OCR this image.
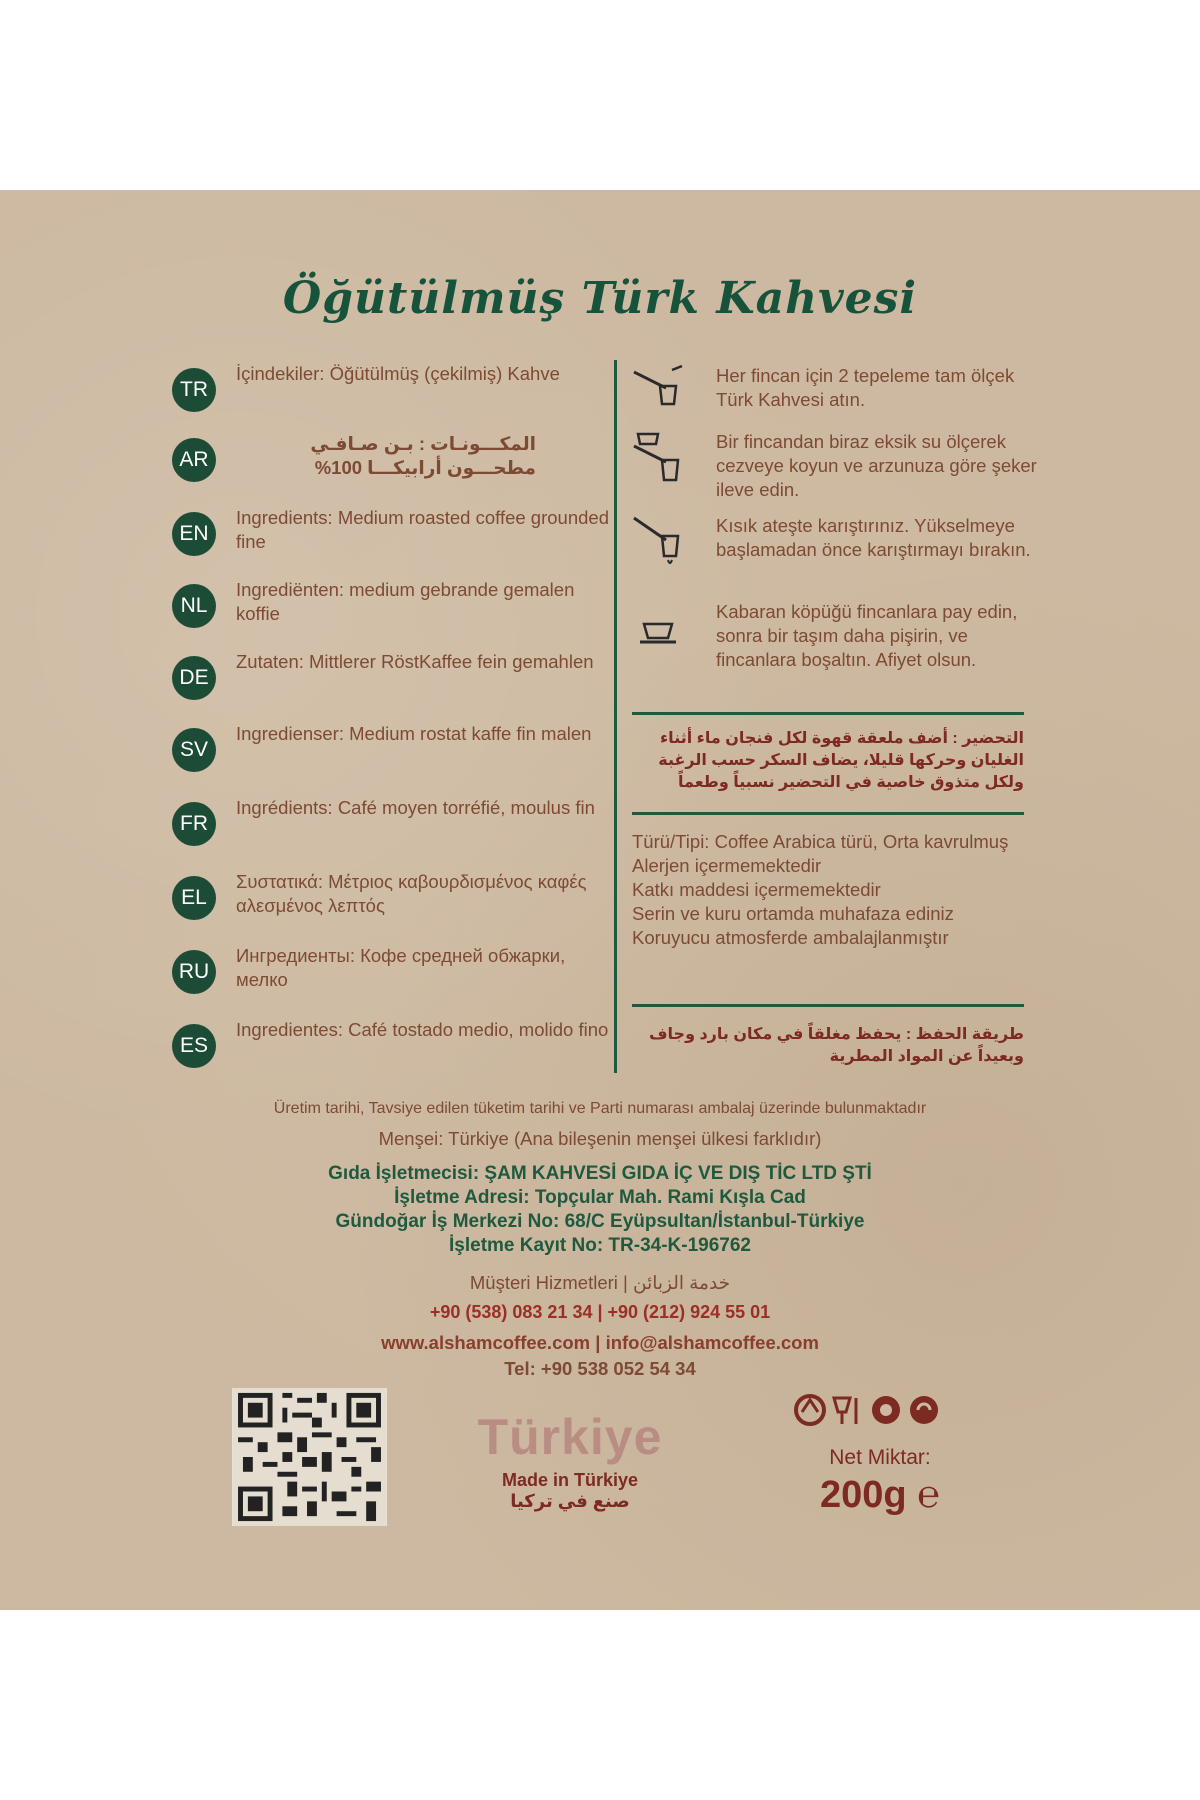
Öğütülmüş Türk Kahvesi
TR
İçindekiler: Öğütülmüş (çekilmiş) Kahve
AR
المكـــونـات : بـن صـافـي مطحـــون أرابيكـــا 100%
EN
Ingredients: Medium roasted coffee grounded fine
NL
Ingrediënten: medium gebrande gemalen koffie
DE
Zutaten: Mittlerer RöstKaffee fein gemahlen
SV
Ingredienser: Medium rostat kaffe fin malen
FR
Ingrédients: Café moyen torréfié, moulus fin
EL
Συστατικά: Μέτριος καβουρδισμένος καφές αλεσμένος λεπτός
RU
Ингредиенты: Кофе средней обжарки, мелко
ES
Ingredientes: Café tostado medio, molido fino
Her fincan için 2 tepeleme tam ölçek Türk Kahvesi atın.
Bir fincandan biraz eksik su ölçerek cezveye koyun ve arzunuza göre şeker ileve edin.
Kısık ateşte karıştırınız. Yükselmeye başlamadan önce karıştırmayı bırakın.
Kabaran köpüğü fincanlara pay edin, sonra bir taşım daha pişirin, ve fincanlara boşaltın. Afiyet olsun.
التحضير : أضف ملعقة قهوة لكل فنجان ماء أثناء الغليان وحركها قليلا، يضاف السكر حسب الرغبة ولكل متذوق خاصية في التحضير نسبياً وطعماً
Türü/Tipi: Coffee Arabica türü, Orta kavrulmuş
Alerjen içermemektedir
Katkı maddesi içermemektedir
Serin ve kuru ortamda muhafaza ediniz
Koruyucu atmosferde ambalajlanmıştır
طريقة الحفظ : يحفظ مغلقاً في مكان بارد وجاف وبعيداً عن المواد المطرية
Üretim tarihi, Tavsiye edilen tüketim tarihi ve Parti numarası ambalaj üzerinde bulunmaktadır
Menşei: Türkiye (Ana bileşenin menşei ülkesi farklıdır)
Gıda İşletmecisi: ŞAM KAHVESİ GIDA İÇ VE DIŞ TİC LTD ŞTİ
İşletme Adresi: Topçular Mah. Rami Kışla Cad
Gündoğar İş Merkezi No: 68/C Eyüpsultan/İstanbul-Türkiye
İşletme Kayıt No: TR-34-K-196762
Müşteri Hizmetleri | خدمة الزبائن
+90 (538) 083 21 34 | +90 (212) 924 55 01
www.alshamcoffee.com | info@alshamcoffee.com
Tel: +90 538 052 54 34
Türkiye
Made in Türkiye
صنع في تركيا
Net Miktar:
200g ℮
